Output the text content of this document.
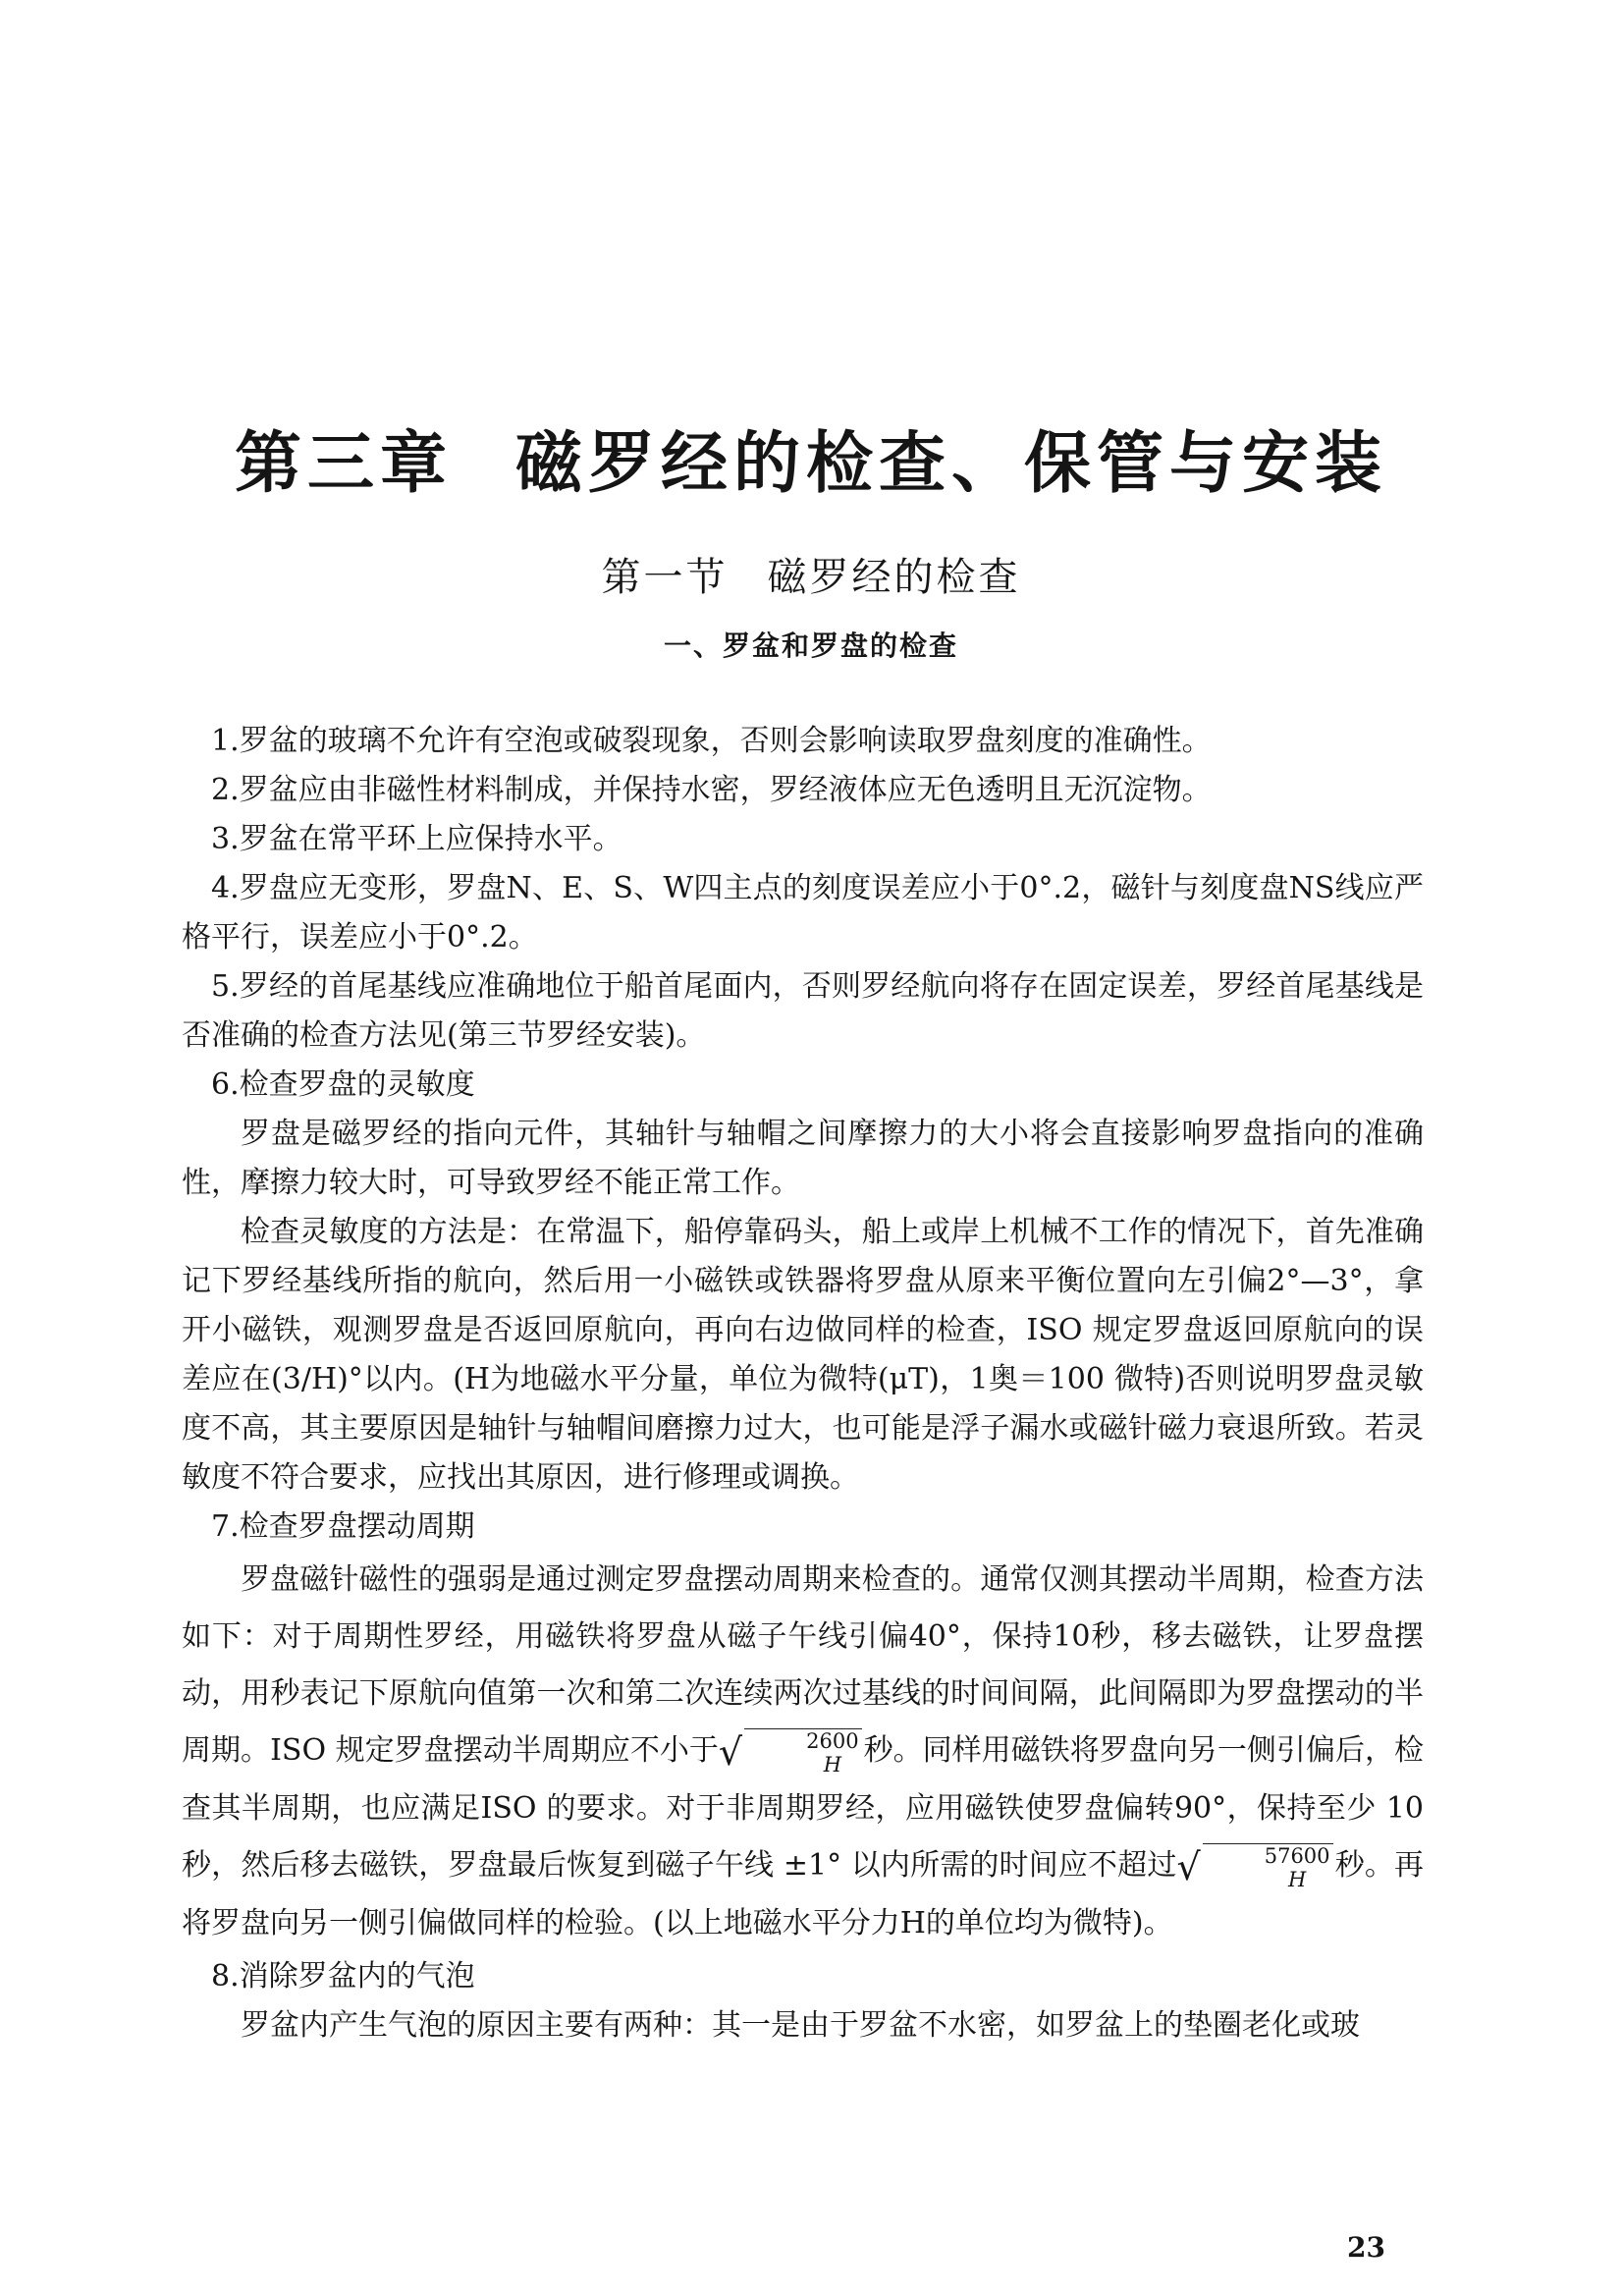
第三章 磁罗经的检查、保管与安装
第一节 磁罗经的检查
一、罗盆和罗盘的检查

1.罗盆的玻璃不允许有空泡或破裂现象，否则会影响读取罗盘刻度的准确性。

2.罗盆应由非磁性材料制成，并保持水密，罗经液体应无色透明且无沉淀物。

3.罗盆在常平环上应保持水平。

4.罗盘应无变形，罗盘N、E、S、W四主点的刻度误差应小于0°.2，磁针与刻度盘NS线应严格平行，误差应小于0°.2。

5.罗经的首尾基线应准确地位于船首尾面内，否则罗经航向将存在固定误差，罗经首尾基线是否准确的检查方法见(第三节罗经安装)。

6.检查罗盘的灵敏度

罗盘是磁罗经的指向元件，其轴针与轴帽之间摩擦力的大小将会直接影响罗盘指向的准确性，摩擦力较大时，可导致罗经不能正常工作。

检查灵敏度的方法是：在常温下，船停靠码头，船上或岸上机械不工作的情况下，首先准确记下罗经基线所指的航向，然后用一小磁铁或铁器将罗盘从原来平衡位置向左引偏2°—3°，拿开小磁铁，观测罗盘是否返回原航向，再向右边做同样的检查，ISO 规定罗盘返回原航向的误差应在(3/H)°以内。(H为地磁水平分量，单位为微特(μT)，1奥＝100 微特)否则说明罗盘灵敏度不高，其主要原因是轴针与轴帽间磨擦力过大，也可能是浮子漏水或磁针磁力衰退所致。若灵敏度不符合要求，应找出其原因，进行修理或调换。

7.检查罗盘摆动周期

罗盘磁针磁性的强弱是通过测定罗盘摆动周期来检查的。通常仅测其摆动半周期，检查方法如下：对于周期性罗经，用磁铁将罗盘从磁子午线引偏40°，保持10秒，移去磁铁，让罗盘摆动，用秒表记下原航向值第一次和第二次连续两次过基线的时间间隔，此间隔即为罗盘摆动的半周期。ISO 规定罗盘摆动半周期应不小于√	2600
H 秒。同样用磁铁将罗盘向另一侧引偏后，检查其半周期，也应满足ISO 的要求。对于非周期罗经，应用磁铁使罗盘偏转90°，保持至少 10 秒，然后移去磁铁，罗盘最后恢复到磁子午线 ±1° 以内所需的时间应不超过√	57600
H 秒。再将罗盘向另一侧引偏做同样的检验。(以上地磁水平分力H的单位均为微特)。

8.消除罗盆内的气泡

罗盆内产生气泡的原因主要有两种：其一是由于罗盆不水密，如罗盆上的垫圈老化或玻

23
